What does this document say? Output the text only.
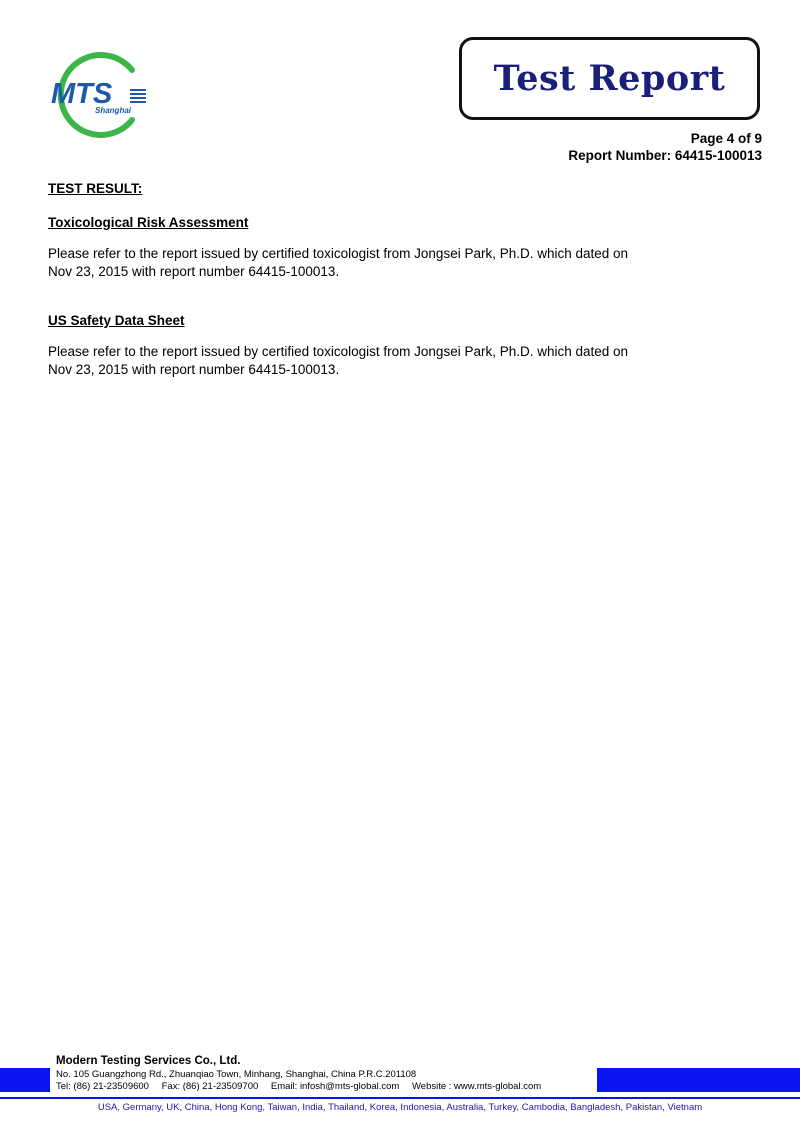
MTS
Shanghai
Test Report
Page 4 of 9
Report Number: 64415-100013

TEST RESULT:

Toxicological Risk Assessment

Please refer to the report issued by certified toxicologist from Jongsei Park, Ph.D. which dated on

Nov 23, 2015 with report number 64415-100013.

US Safety Data Sheet

Please refer to the report issued by certified toxicologist from Jongsei Park, Ph.D. which dated on

Nov 23, 2015 with report number 64415-100013.

Modern Testing Services Co., Ltd.
No. 105 Guangzhong Rd., Zhuanqiao Town, Minhang, Shanghai, China P.R.C.201108
Tel: (86) 21-23509600 Fax: (86) 21-23509700 Email: infosh@mts-global.com Website : www.mts-global.com
USA, Germany, UK, China, Hong Kong, Taiwan, India, Thailand, Korea, Indonesia, Australia, Turkey, Cambodia, Bangladesh, Pakistan, Vietnam
